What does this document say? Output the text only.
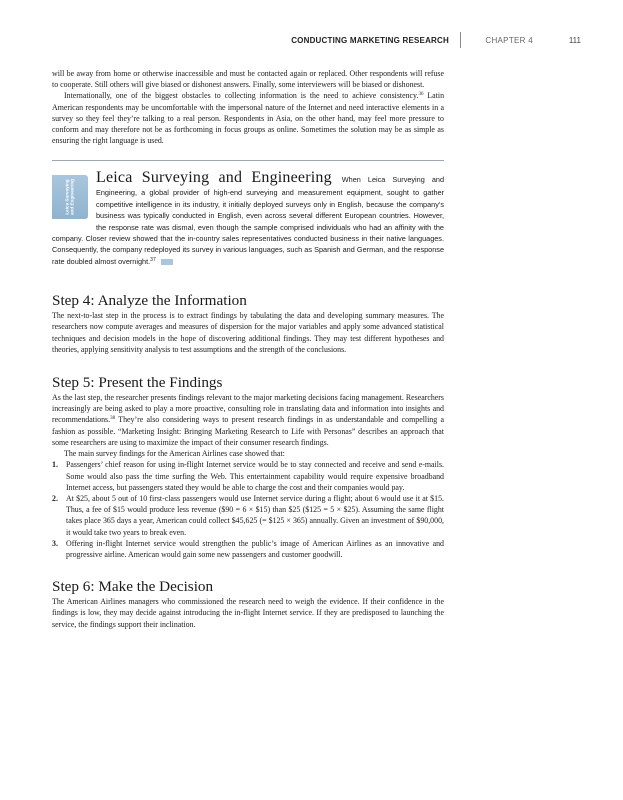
CONDUCTING MARKETING RESEARCH	CHAPTER 4	111

will be away from home or otherwise inaccessible and must be contacted again or replaced. Other respondents will refuse to cooperate. Still others will give biased or dishonest answers. Finally, some interviewers will be biased or dishonest.

Internationally, one of the biggest obstacles to collecting information is the need to achieve consistency.$^{36}$ Latin American respondents may be uncomfortable with the impersonal nature of the Internet and need interactive elements in a survey so they feel they’re talking to a real person. Respondents in Asia, on the other hand, may feel more pressure to conform and may therefore not be as forthcoming in focus groups as online. Sometimes the solution may be as simple as ensuring the right language is used.

Leica Surveying and Engineering

Leica Surveying and Engineering When Leica Surveying and Engineering, a global provider of high-end surveying and measurement equipment, sought to gather competitive intelligence in its industry, it initially deployed surveys only in English, because the company’s business was typically conducted in English, even across several different European countries. However, the response rate was dismal, even though the sample comprised individuals who had an affinity with the company. Closer review showed that the in-country sales representatives conducted business in their native languages. Consequently, the company redeployed its survey in various languages, such as Spanish and German, and the response rate doubled almost overnight.$^{37}$

Step 4: Analyze the Information

The next-to-last step in the process is to extract findings by tabulating the data and developing summary measures. The researchers now compute averages and measures of dispersion for the major variables and apply some advanced statistical techniques and decision models in the hope of discovering additional findings. They may test different hypotheses and theories, applying sensitivity analysis to test assumptions and the strength of the conclusions.

Step 5: Present the Findings

As the last step, the researcher presents findings relevant to the major marketing decisions facing management. Researchers increasingly are being asked to play a more proactive, consulting role in translating data and information into insights and recommendations.$^{38}$ They’re also considering ways to present research findings in as understandable and compelling a fashion as possible. “Marketing Insight: Bringing Marketing Research to Life with Personas” describes an approach that some researchers are using to maximize the impact of their consumer research findings.

The main survey findings for the American Airlines case showed that:

1. Passengers’ chief reason for using in-flight Internet service would be to stay connected and receive and send e-mails. Some would also pass the time surfing the Web. This entertainment capability would require expensive broadband Internet access, but passengers stated they would be able to charge the cost and their companies would pay.
2. At $25, about 5 out of 10 first-class passengers would use Internet service during a flight; about 6 would use it at $15. Thus, a fee of $15 would produce less revenue ($90 = 6 × $15) than $25 ($125 = 5 × $25). Assuming the same flight takes place 365 days a year, American could collect $45,625 (= $125 × 365) annually. Given an investment of $90,000, it would take two years to break even.
3. Offering in-flight Internet service would strengthen the public’s image of American Airlines as an innovative and progressive airline. American would gain some new passengers and customer goodwill.
Step 6: Make the Decision

The American Airlines managers who commissioned the research need to weigh the evidence. If their confidence in the findings is low, they may decide against introducing the in-flight Internet service. If they are predisposed to launching the service, the findings support their inclination.
